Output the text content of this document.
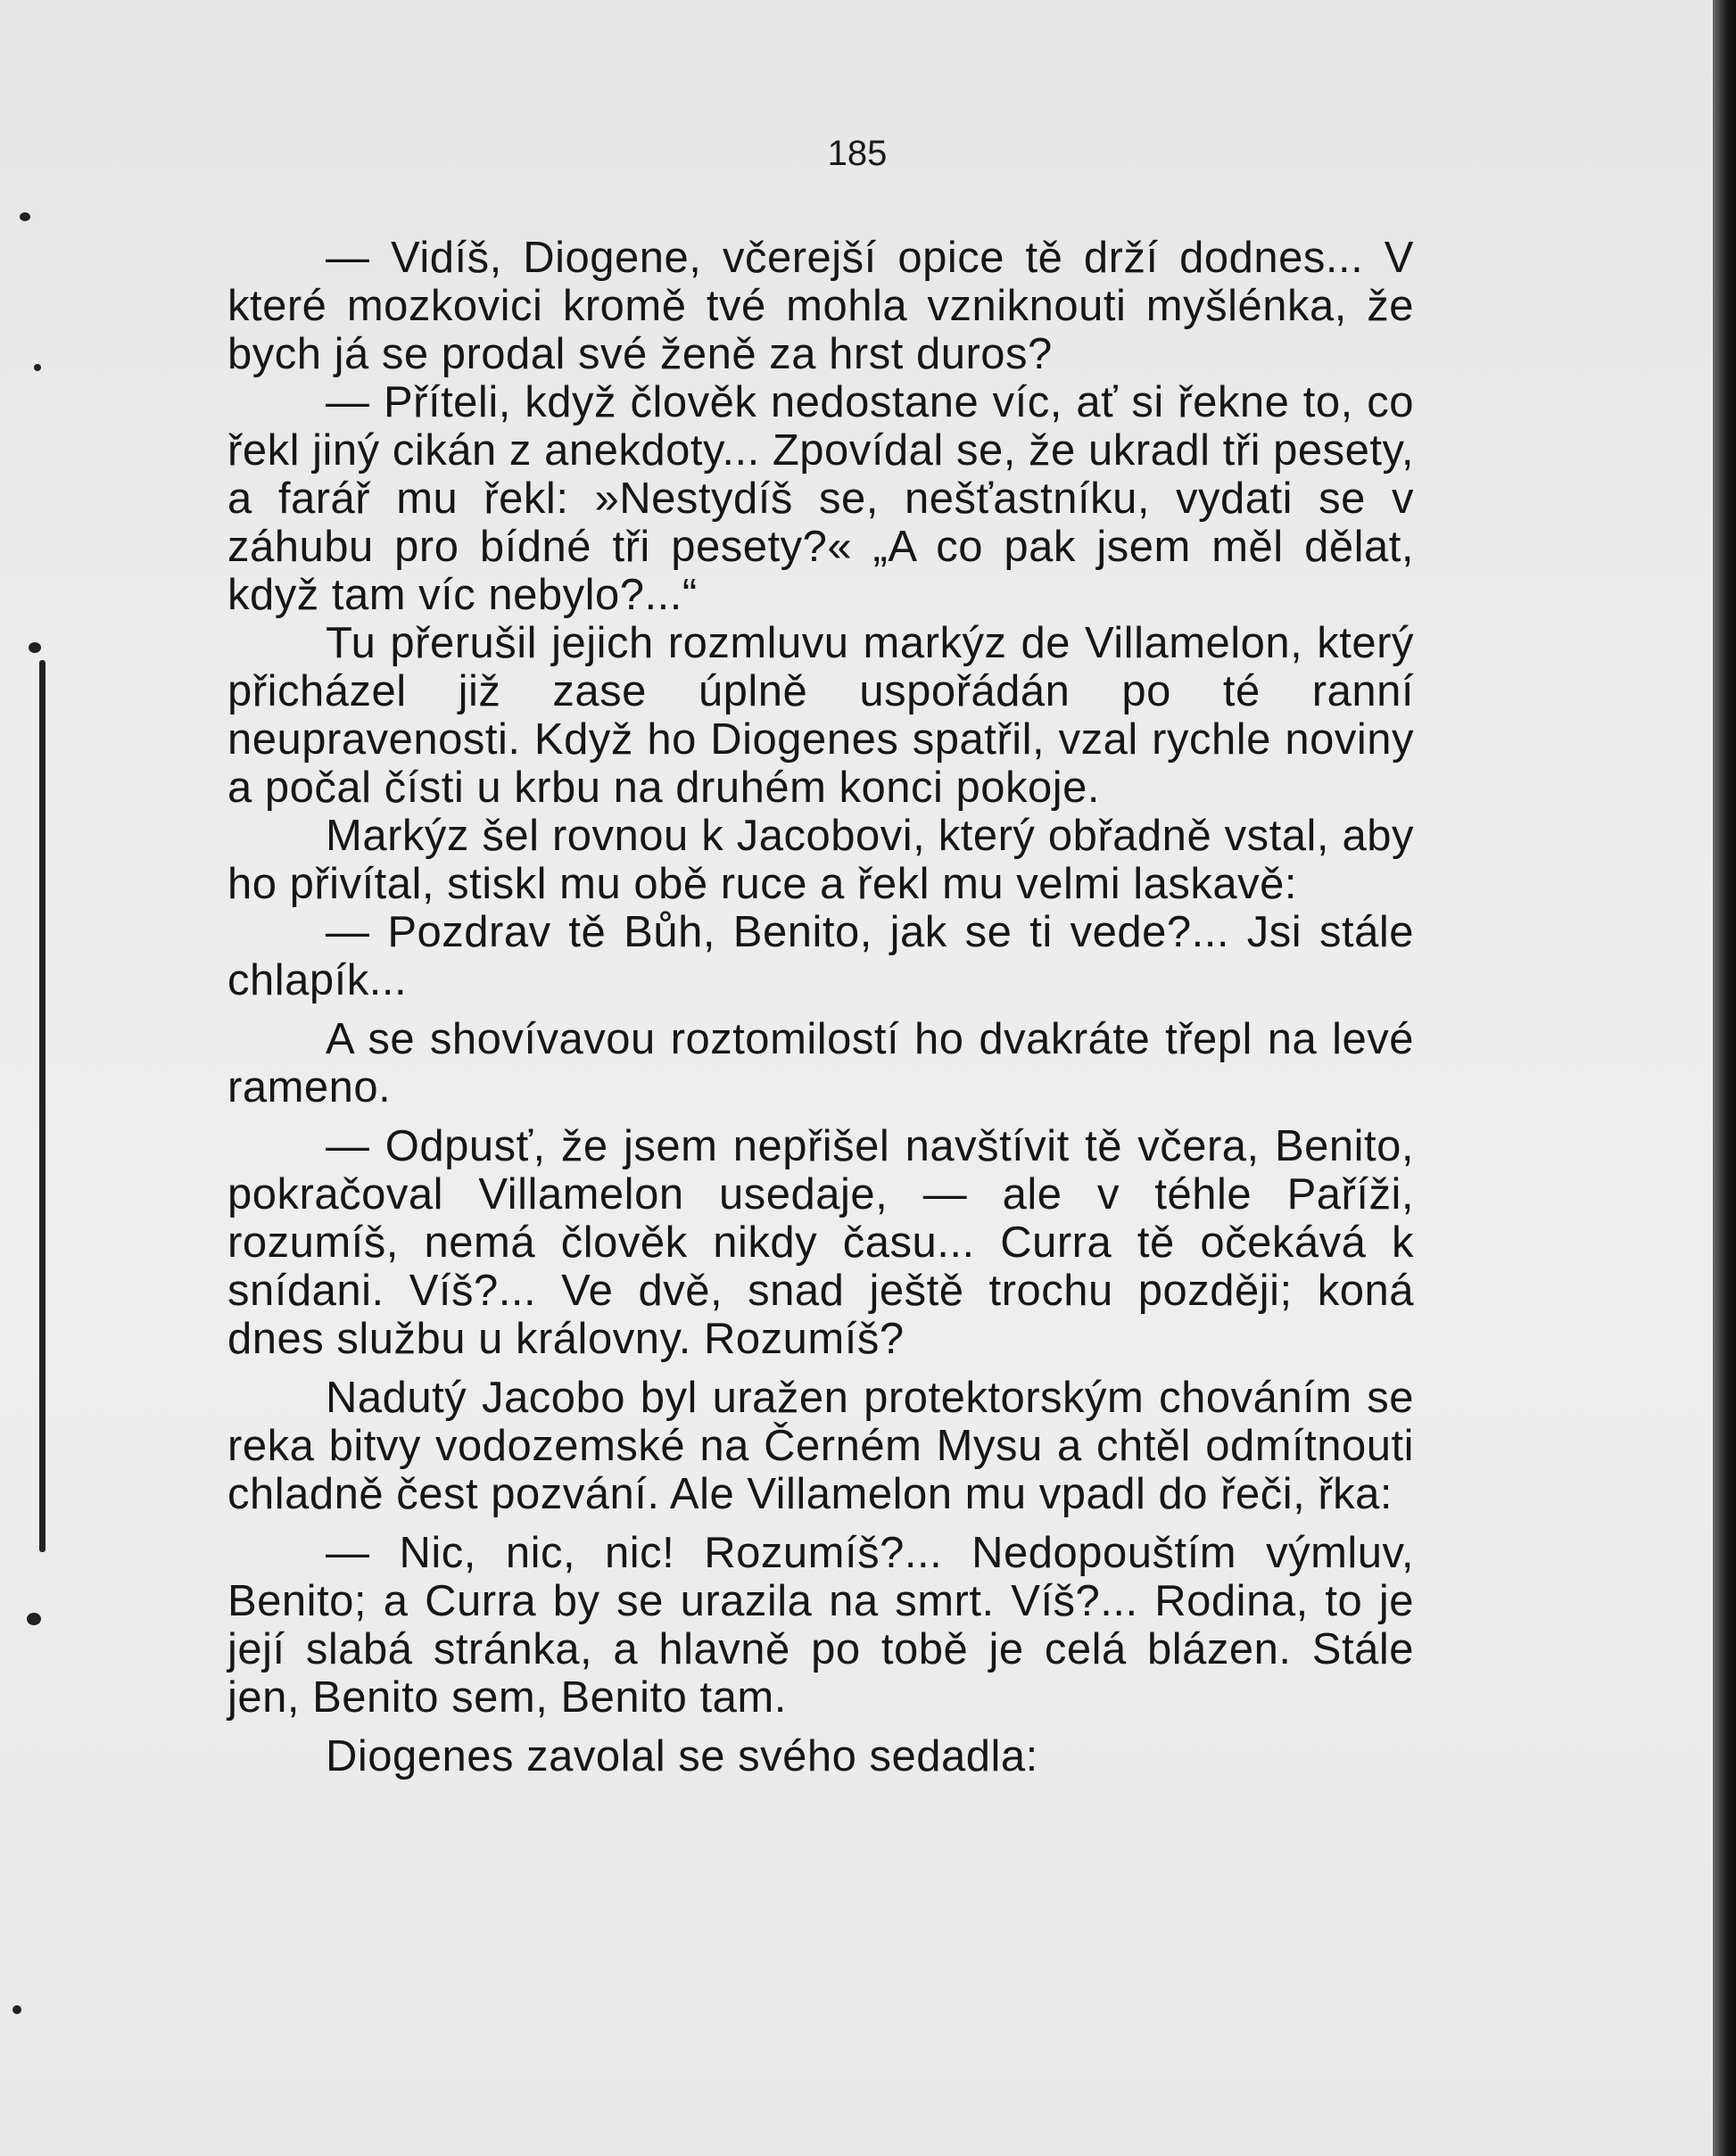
185

— Vidíš, Diogene, včerejší opice tě drží dodnes... V které mozkovici kromě tvé mohla vzniknouti myšlénka, že bych já se prodal své ženě za hrst duros?

— Příteli, když člověk nedostane víc, ať si řekne to, co řekl jiný cikán z anekdoty... Zpovídal se, že ukradl tři pesety, a farář mu řekl: »Nestydíš se, nešťastníku, vydati se v záhubu pro bídné tři pesety?« „A co pak jsem měl dělat, když tam víc nebylo?...“

Tu přerušil jejich rozmluvu markýz de Villamelon, který přicházel již zase úplně uspořádán po té ranní neupravenosti. Když ho Diogenes spatřil, vzal rychle noviny a počal čísti u krbu na druhém konci pokoje.

Markýz šel rovnou k Jacobovi, který obřadně vstal, aby ho přivítal, stiskl mu obě ruce a řekl mu velmi laskavě:

— Pozdrav tě Bůh, Benito, jak se ti vede?... Jsi stále chlapík...

A se shovívavou roztomilostí ho dvakráte třepl na levé rameno.

— Odpusť, že jsem nepřišel navštívit tě včera, Benito, pokračoval Villamelon usedaje, — ale v téhle Paříži, rozumíš, nemá člověk nikdy času... Curra tě očekává k snídani. Víš?... Ve dvě, snad ještě trochu později; koná dnes službu u královny. Rozumíš?

Nadutý Jacobo byl uražen protektorským chováním se reka bitvy vodozemské na Černém Mysu a chtěl odmítnouti chladně čest pozvání. Ale Villamelon mu vpadl do řeči, řka:

— Nic, nic, nic! Rozumíš?... Nedopouštím výmluv, Benito; a Curra by se urazila na smrt. Víš?... Rodina, to je její slabá stránka, a hlavně po tobě je celá blázen. Stále jen, Benito sem, Benito tam.

Diogenes zavolal se svého sedadla:
